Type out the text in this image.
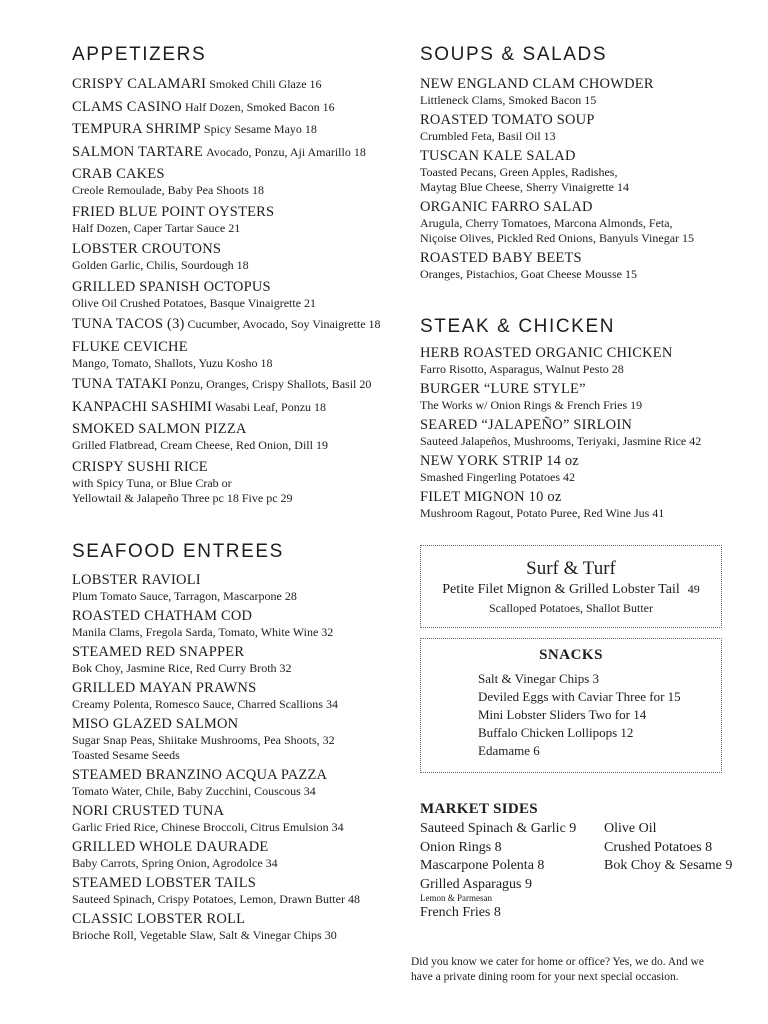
APPETIZERS
CRISPY CALAMARI Smoked Chili Glaze 16
CLAMS CASINO Half Dozen, Smoked Bacon 16
TEMPURA SHRIMP Spicy Sesame Mayo 18
SALMON TARTARE Avocado, Ponzu, Aji Amarillo 18
CRAB CAKES
Creole Remoulade, Baby Pea Shoots 18
FRIED BLUE POINT OYSTERS
Half Dozen, Caper Tartar Sauce 21
LOBSTER CROUTONS
Golden Garlic, Chilis, Sourdough 18
GRILLED SPANISH OCTOPUS
Olive Oil Crushed Potatoes, Basque Vinaigrette 21
TUNA TACOS (3) Cucumber, Avocado, Soy Vinaigrette 18
FLUKE CEVICHE
Mango, Tomato, Shallots, Yuzu Kosho 18
TUNA TATAKI Ponzu, Oranges, Crispy Shallots, Basil 20
KANPACHI SASHIMI Wasabi Leaf, Ponzu 18
SMOKED SALMON PIZZA
Grilled Flatbread, Cream Cheese, Red Onion, Dill 19
CRISPY SUSHI RICE
with Spicy Tuna, or Blue Crab or
Yellowtail & Jalapeño Three pc 18 Five pc 29
SEAFOOD ENTREES
LOBSTER RAVIOLI
Plum Tomato Sauce, Tarragon, Mascarpone 28
ROASTED CHATHAM COD
Manila Clams, Fregola Sarda, Tomato, White Wine 32
STEAMED RED SNAPPER
Bok Choy, Jasmine Rice, Red Curry Broth 32
GRILLED MAYAN PRAWNS
Creamy Polenta, Romesco Sauce, Charred Scallions 34
MISO GLAZED SALMON
Sugar Snap Peas, Shiitake Mushrooms, Pea Shoots, 32
Toasted Sesame Seeds
STEAMED BRANZINO ACQUA PAZZA
Tomato Water, Chile, Baby Zucchini, Couscous 34
NORI CRUSTED TUNA
Garlic Fried Rice, Chinese Broccoli, Citrus Emulsion 34
GRILLED WHOLE DAURADE
Baby Carrots, Spring Onion, Agrodolce 34
STEAMED LOBSTER TAILS
Sauteed Spinach, Crispy Potatoes, Lemon, Drawn Butter 48
CLASSIC LOBSTER ROLL
Brioche Roll, Vegetable Slaw, Salt & Vinegar Chips 30
SOUPS & SALADS
NEW ENGLAND CLAM CHOWDER
Littleneck Clams, Smoked Bacon 15
ROASTED TOMATO SOUP
Crumbled Feta, Basil Oil 13
TUSCAN KALE SALAD
Toasted Pecans, Green Apples, Radishes,
Maytag Blue Cheese, Sherry Vinaigrette 14
ORGANIC FARRO SALAD
Arugula, Cherry Tomatoes, Marcona Almonds, Feta,
Niçoise Olives, Pickled Red Onions, Banyuls Vinegar 15
ROASTED BABY BEETS
Oranges, Pistachios, Goat Cheese Mousse 15
STEAK & CHICKEN
HERB ROASTED ORGANIC CHICKEN
Farro Risotto, Asparagus, Walnut Pesto 28
BURGER “LURE STYLE”
The Works w/ Onion Rings & French Fries 19
SEARED “JALAPEÑO” SIRLOIN
Sauteed Jalapeños, Mushrooms, Teriyaki, Jasmine Rice 42
NEW YORK STRIP 14 oz
Smashed Fingerling Potatoes 42
FILET MIGNON 10 oz
Mushroom Ragout, Potato Puree, Red Wine Jus 41
Surf & Turf
Petite Filet Mignon & Grilled Lobster Tail 49
Scalloped Potatoes, Shallot Butter
SNACKS
Salt & Vinegar Chips 3
Deviled Eggs with Caviar Three for 15
Mini Lobster Sliders Two for 14
Buffalo Chicken Lollipops 12
Edamame 6
MARKET SIDES
Sauteed Spinach & Garlic 9
Onion Rings 8
Mascarpone Polenta 8
Grilled Asparagus 9
Lemon & Parmesan
French Fries 8
Olive Oil
Crushed Potatoes 8
Bok Choy & Sesame 9
Did you know we cater for home or office? Yes, we do. And we
have a private dining room for your next special occasion.
